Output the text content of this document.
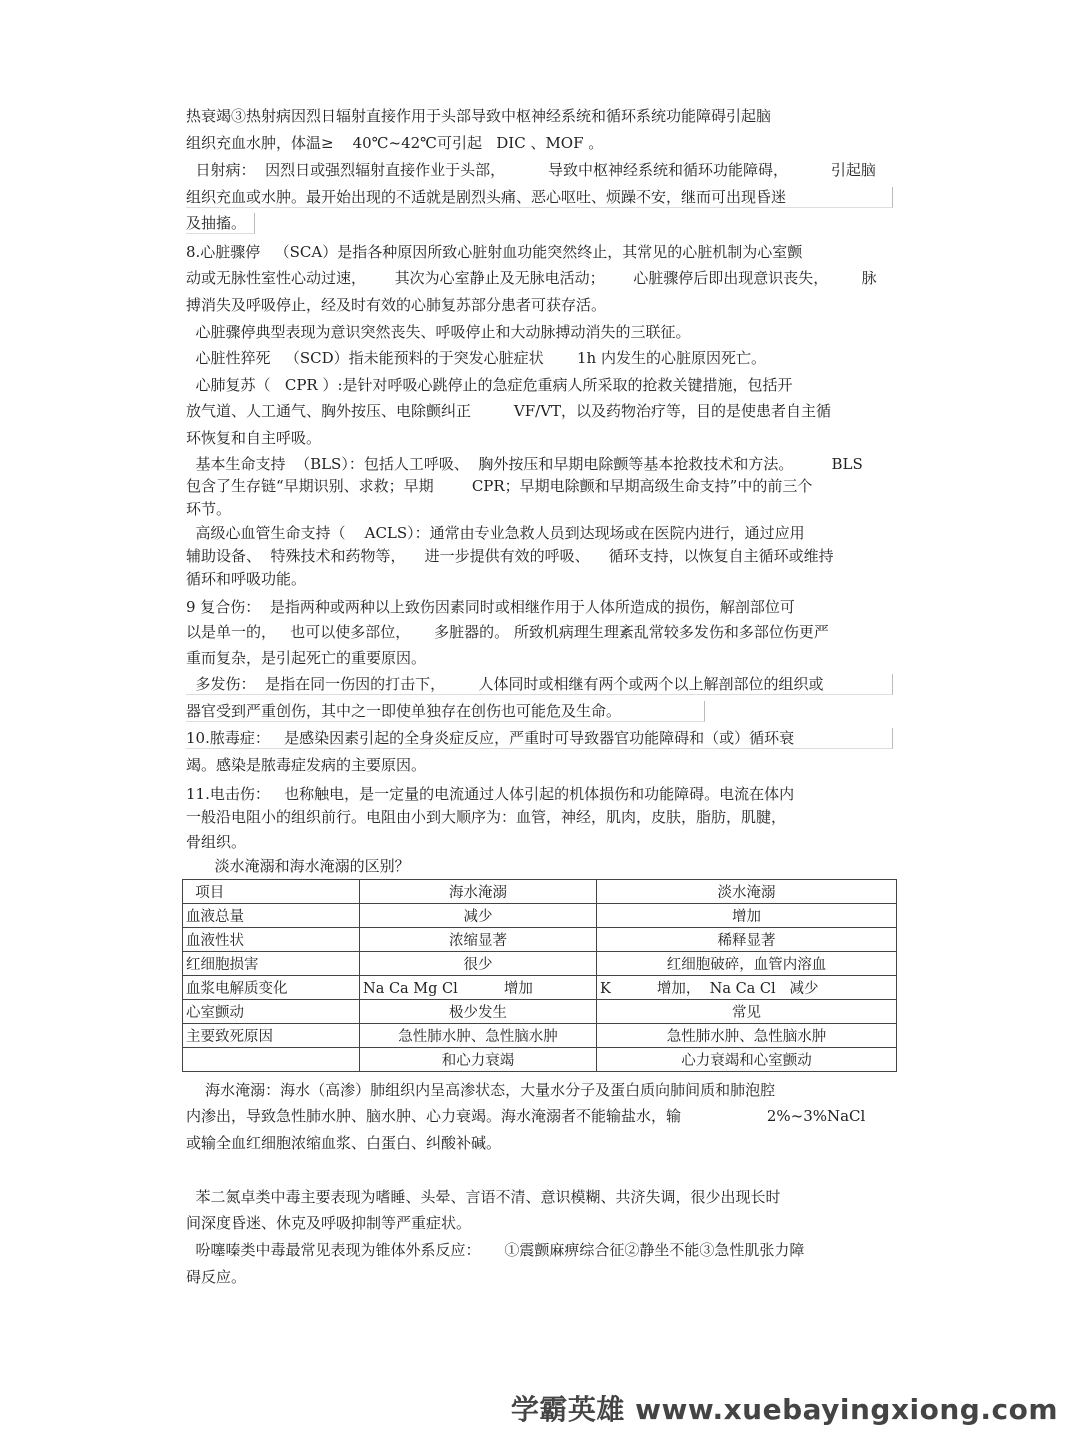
热衰竭③热射病因烈日辐射直接作用于头部导致中枢神经系统和循环系统功能障碍引起脑
组织充血水肿，体温≥    40℃~42℃可引起   DIC 、MOF 。
日射病：  因烈日或强烈辐射直接作业于头部，         导致中枢神经系统和循环功能障碍，         引起脑
组织充血或水肿。最开始出现的不适就是剧烈头痛、恶心呕吐、烦躁不安，继而可出现昏迷
及抽搐。
8.心脏骤停   （SCA）是指各种原因所致心脏射血功能突然终止，其常见的心脏机制为心室颤
动或无脉性室性心动过速，      其次为心室静止及无脉电活动；      心脏骤停后即出现意识丧失，       脉
搏消失及呼吸停止，经及时有效的心肺复苏部分患者可获存活。
心脏骤停典型表现为意识突然丧失、呼吸停止和大动脉搏动消失的三联征。
心脏性猝死   （SCD）指未能预料的于突发心脏症状       1h 内发生的心脏原因死亡。
心肺复苏（   CPR ）:是针对呼吸心跳停止的急症危重病人所采取的抢救关键措施，包括开
放气道、人工通气、胸外按压、电除颤纠正         VF/VT，以及药物治疗等，目的是使患者自主循
环恢复和自主呼吸。
基本生命支持  （BLS）：包括人工呼吸、  胸外按压和早期电除颤等基本抢救技术和方法。        BLS
包含了生存链“早期识别、求救；早期        CPR；早期电除颤和早期高级生命支持”中的前三个
环节。
高级心血管生命支持（    ACLS）：通常由专业急救人员到达现场或在医院内进行，通过应用
辅助设备、  特殊技术和药物等，    进一步提供有效的呼吸、    循环支持，以恢复自主循环或维持
循环和呼吸功能。
9 复合伤：  是指两种或两种以上致伤因素同时或相继作用于人体所造成的损伤，解剖部位可
以是单一的，   也可以使多部位，     多脏器的。 所致机病理生理紊乱常较多发伤和多部位伤更严
重而复杂，是引起死亡的重要原因。
多发伤：  是指在同一伤因的打击下，       人体同时或相继有两个或两个以上解剖部位的组织或
器官受到严重创伤，其中之一即使单独存在创伤也可能危及生命。
10.脓毒症：   是感染因素引起的全身炎症反应，严重时可导致器官功能障碍和（或）循环衰
竭。感染是脓毒症发病的主要原因。
11.电击伤：   也称触电，是一定量的电流通过人体引起的机体损伤和功能障碍。电流在体内
一般沿电阻小的组织前行。电阻由小到大顺序为：血管，神经，肌肉，皮肤，脂肪，肌腱，
骨组织。
淡水淹溺和海水淹溺的区别？
项目	海水淹溺	淡水淹溺
血液总量	减少	增加
血液性状	浓缩显著	稀释显著
红细胞损害	很少	红细胞破碎，血管内溶血
血浆电解质变化	Na Ca Mg Cl          增加	K          增加，  Na Ca Cl   减少
心室颤动	极少发生	常见
主要致死原因	急性肺水肿、急性脑水肿	急性肺水肿、急性脑水肿
	和心力衰竭	心力衰竭和心室颤动
海水淹溺：海水（高渗）肺组织内呈高渗状态，大量水分子及蛋白质向肺间质和肺泡腔
内渗出，导致急性肺水肿、脑水肿、心力衰竭。海水淹溺者不能输盐水，输                  2%~3%NaCl
或输全血红细胞浓缩血浆、白蛋白、纠酸补碱。
苯二氮卓类中毒主要表现为嗜睡、头晕、言语不清、意识模糊、共济失调，很少出现长时
间深度昏迷、休克及呼吸抑制等严重症状。
吩噻嗪类中毒最常见表现为锥体外系反应：     ①震颤麻痹综合征②静坐不能③急性肌张力障
碍反应。
学霸英雄 www.xuebayingxiong.com
